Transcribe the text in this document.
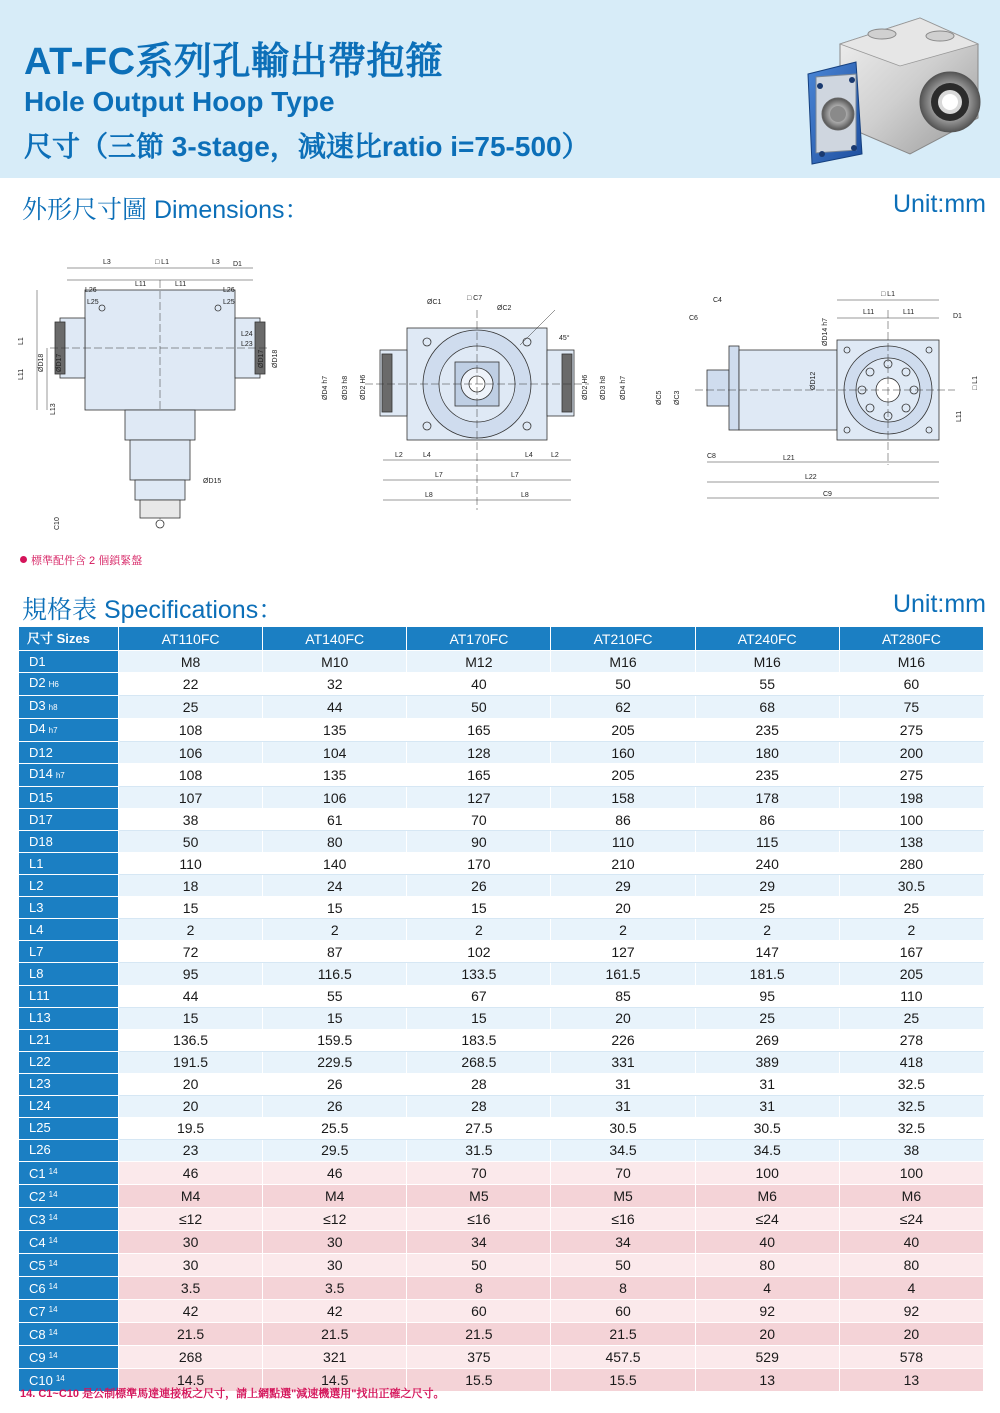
AT-FC系列孔輸出帶抱箍
Hole Output Hoop Type
尺寸（三節 3-stage，減速比ratio i=75-500）
外形尺寸圖 Dimensions：	Unit:mm
L3	□ L1	L3 D1
L11	L11
L26	L26
L25	L25
L1
L11
L13
ØD18 ØD17	ØD17 ØD18
L24
L23
ØD15
C10
ØC1
□ C7
ØC2
45°
ØD4 h7 ØD3 h8 ØD2 H6	ØD2 H6 ØD3 h8 ØD4 h7
L2	L4	L4	L2
L7	L7
L8	L8
C4
C6
□ L1
L11	L11
D1
ØD14 h7
ØD12
ØC5 ØC3
L11
□ L1
C8	L21
L22
C9
標準配件含 2 個鎖緊盤
規格表 Specifications：	Unit:mm
尺寸 Sizes	AT110FC	AT140FC	AT170FC	AT210FC	AT240FC	AT280FC
D1	M8	M10	M12	M16	M16	M16
D2 H6	22	32	40	50	55	60
D3 h8	25	44	50	62	68	75
D4 h7	108	135	165	205	235	275
D12	106	104	128	160	180	200
D14 h7	108	135	165	205	235	275
D15	107	106	127	158	178	198
D17	38	61	70	86	86	100
D18	50	80	90	110	115	138
L1	110	140	170	210	240	280
L2	18	24	26	29	29	30.5
L3	15	15	15	20	25	25
L4	2	2	2	2	2	2
L7	72	87	102	127	147	167
L8	95	116.5	133.5	161.5	181.5	205
L11	44	55	67	85	95	110
L13	15	15	15	20	25	25
L21	136.5	159.5	183.5	226	269	278
L22	191.5	229.5	268.5	331	389	418
L23	20	26	28	31	31	32.5
L24	20	26	28	31	31	32.5
L25	19.5	25.5	27.5	30.5	30.5	32.5
L26	23	29.5	31.5	34.5	34.5	38
C1 $^{14}$	46	46	70	70	100	100
C2 $^{14}$	M4	M4	M5	M5	M6	M6
C3 $^{14}$	≤12	≤12	≤16	≤16	≤24	≤24
C4 $^{14}$	30	30	34	34	40	40
C5 $^{14}$	30	30	50	50	80	80
C6 $^{14}$	3.5	3.5	8	8	4	4
C7 $^{14}$	42	42	60	60	92	92
C8 $^{14}$	21.5	21.5	21.5	21.5	20	20
C9 $^{14}$	268	321	375	457.5	529	578
C10 $^{14}$	14.5	14.5	15.5	15.5	13	13
14. C1~C10 是公制標準馬達連接板之尺寸，請上網點選"減速機選用"找出正確之尺寸。
